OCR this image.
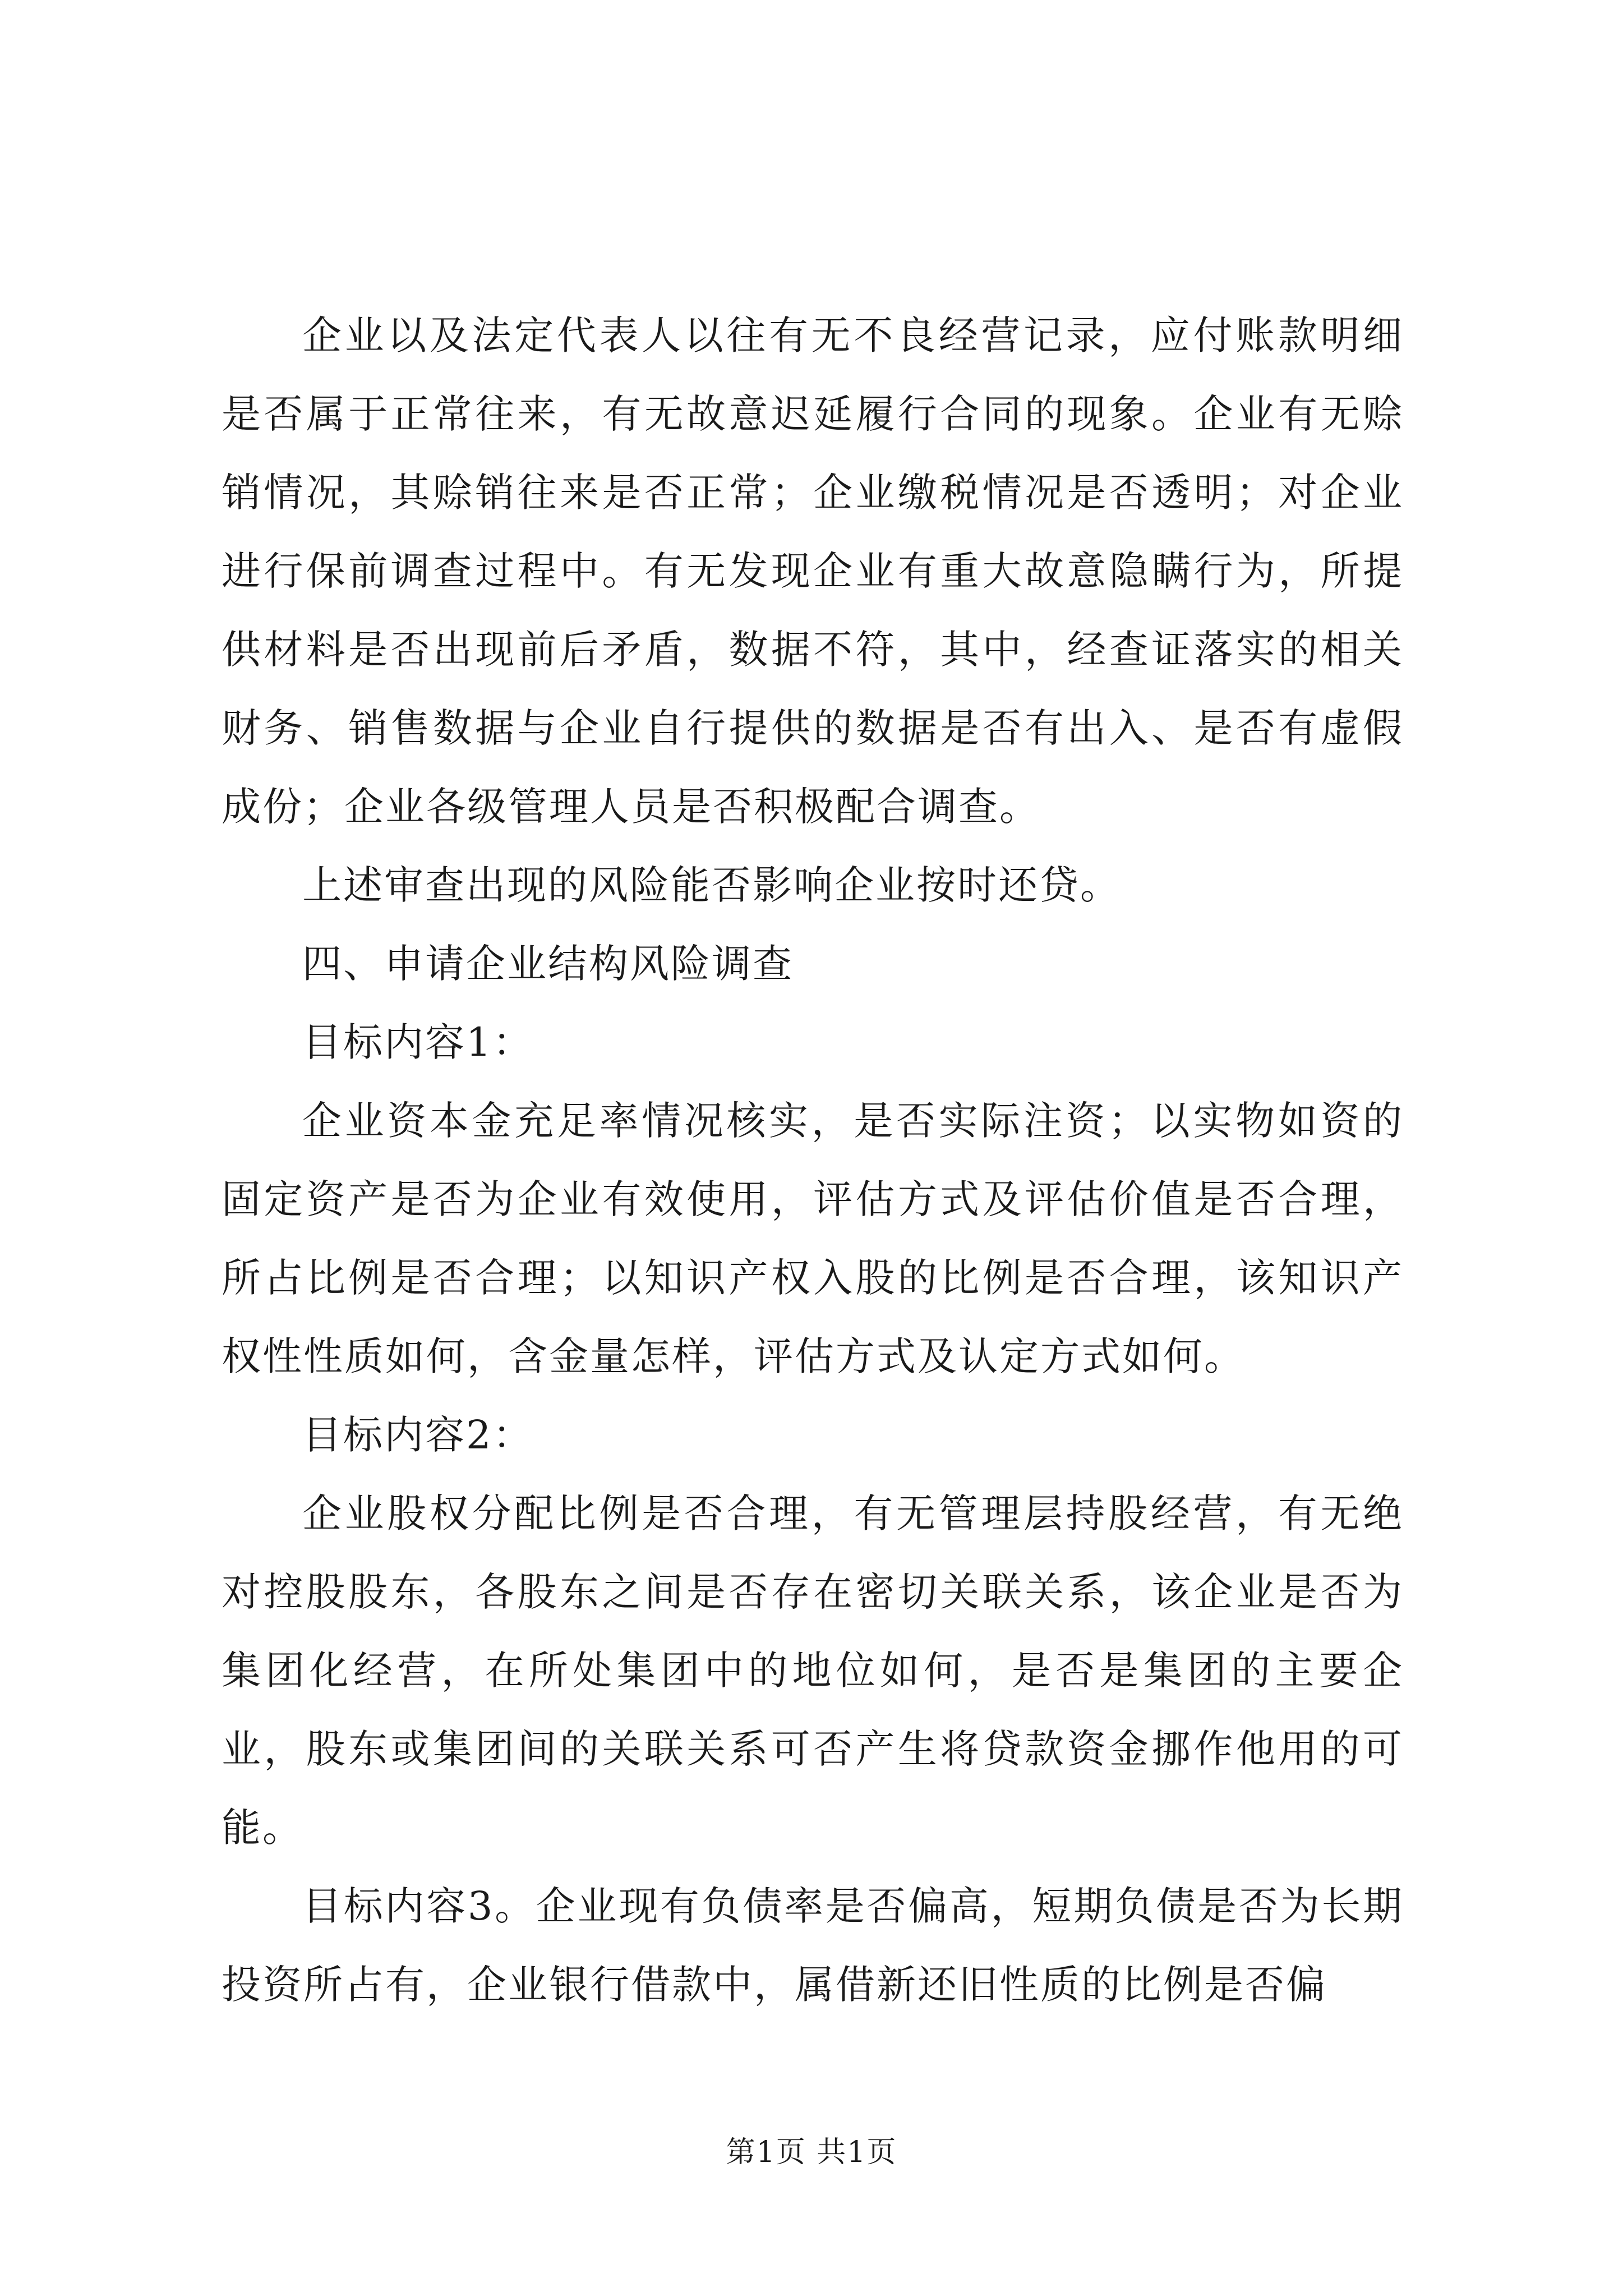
企业以及法定代表人以往有无不良经营记录，应付账款明细是否属于正常往来，有无故意迟延履行合同的现象。企业有无赊销情况，其赊销往来是否正常；企业缴税情况是否透明；对企业进行保前调查过程中。有无发现企业有重大故意隐瞒行为，所提供材料是否出现前后矛盾，数据不符，其中，经查证落实的相关财务、销售数据与企业自行提供的数据是否有出入、是否有虚假成份；企业各级管理人员是否积极配合调查。

上述审查出现的风险能否影响企业按时还贷。

四、申请企业结构风险调查

目标内容1：

企业资本金充足率情况核实，是否实际注资；以实物如资的固定资产是否为企业有效使用，评估方式及评估价值是否合理，所占比例是否合理；以知识产权入股的比例是否合理，该知识产权性性质如何，含金量怎样，评估方式及认定方式如何。

目标内容2：

企业股权分配比例是否合理，有无管理层持股经营，有无绝对控股股东，各股东之间是否存在密切关联关系，该企业是否为集团化经营，在所处集团中的地位如何，是否是集团的主要企业，股东或集团间的关联关系可否产生将贷款资金挪作他用的可能。

目标内容3。企业现有负债率是否偏高，短期负债是否为长期投资所占有，企业银行借款中，属借新还旧性质的比例是否偏

第1页 共1页
